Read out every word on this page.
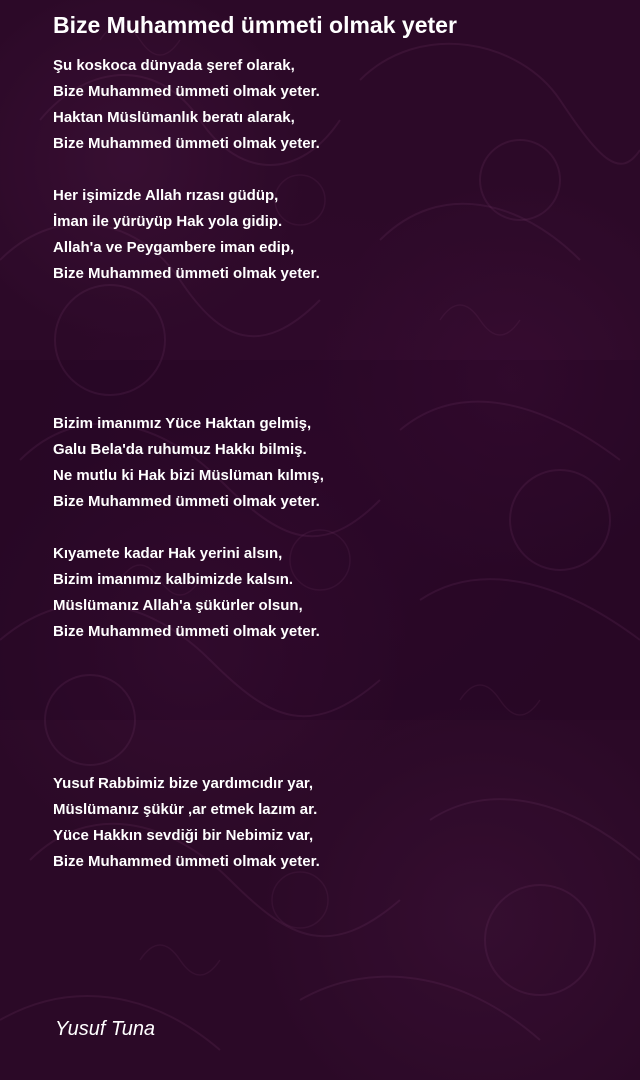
Bize Muhammed ümmeti olmak yeter
Şu koskoca dünyada şeref olarak,
Bize Muhammed ümmeti olmak yeter.
Haktan Müslümanlık beratı alarak,
Bize Muhammed ümmeti olmak yeter.
Her işimizde Allah rızası güdüp,
İman ile yürüyüp Hak yola gidip.
Allah'a ve Peygambere iman edip,
Bize Muhammed ümmeti olmak yeter.
Bizim imanımız Yüce Haktan gelmiş,
Galu Bela'da ruhumuz Hakkı bilmiş.
Ne mutlu ki Hak bizi Müslüman kılmış,
Bize Muhammed ümmeti olmak yeter.
Kıyamete kadar Hak yerini alsın,
Bizim imanımız kalbimizde kalsın.
Müslümanız Allah'a şükürler olsun,
Bize Muhammed ümmeti olmak yeter.
Yusuf Rabbimiz bize yardımcıdır yar,
Müslümanız şükür ,ar etmek lazım ar.
Yüce Hakkın sevdiği bir Nebimiz var,
Bize Muhammed ümmeti olmak yeter.
Yusuf Tuna
